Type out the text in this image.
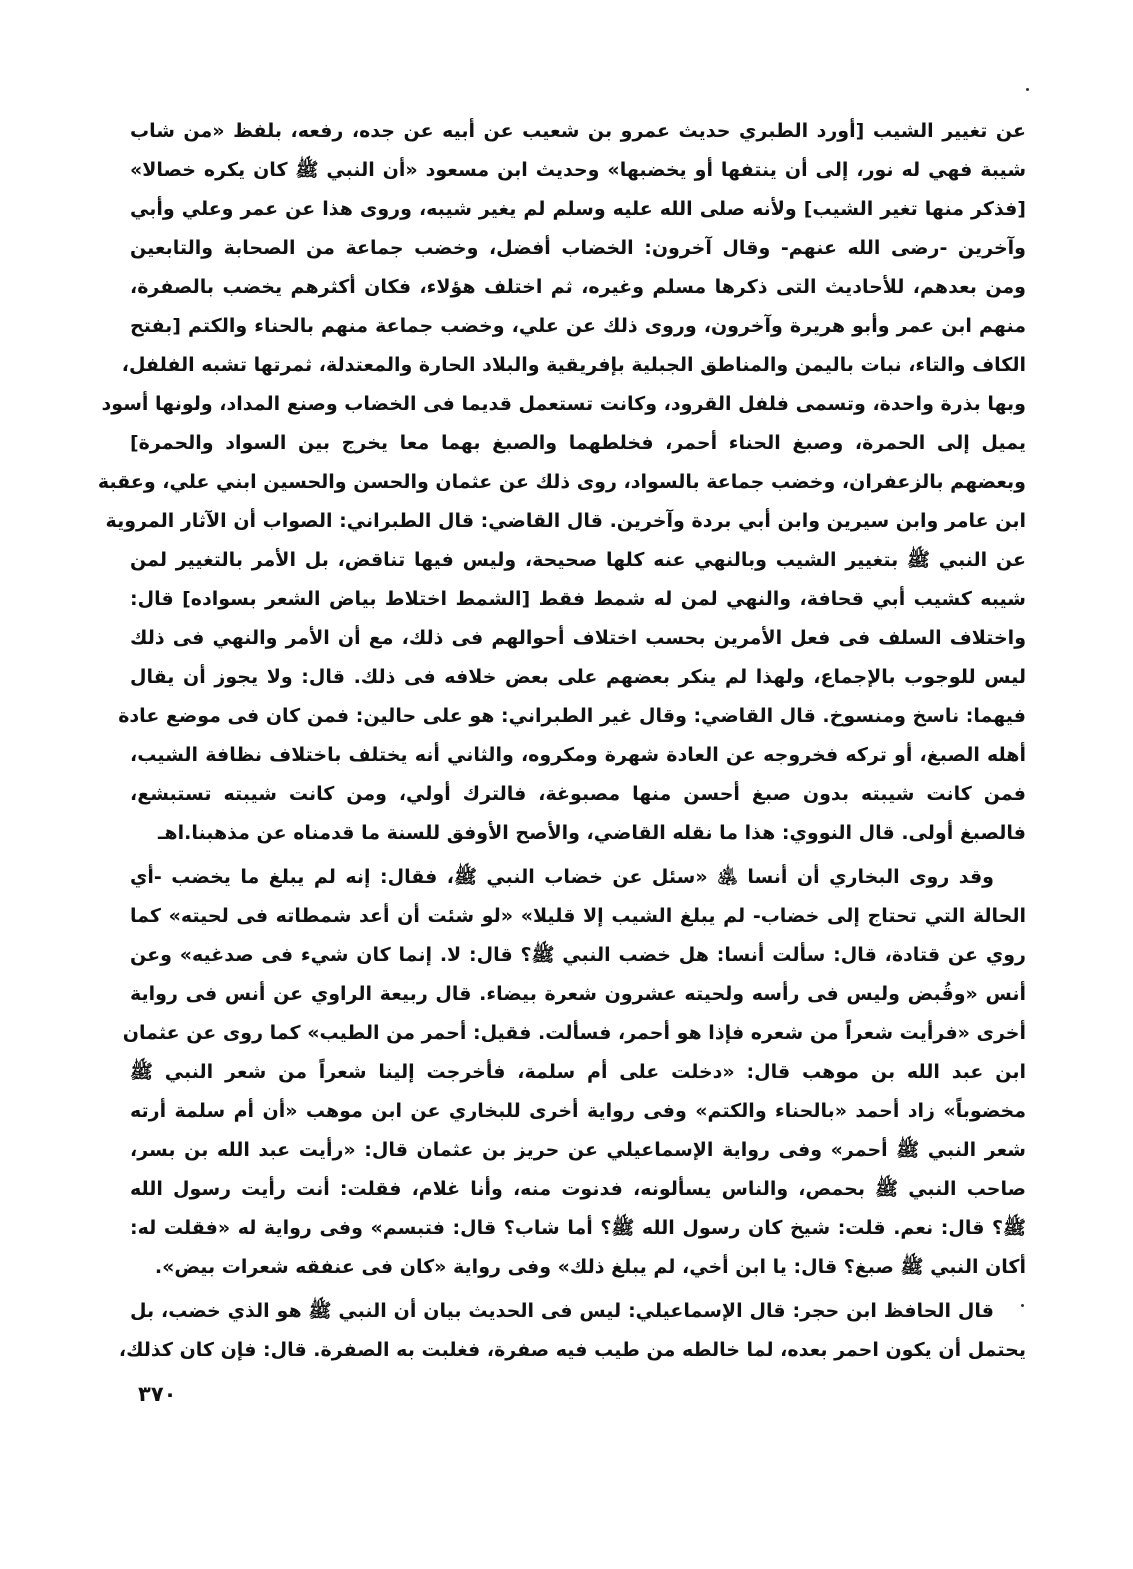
عن تغيير الشيب [أورد الطبري حديث عمرو بن شعيب عن أبيه عن جده، رفعه، بلفظ «من شاب
شيبة فهي له نور، إلى أن ينتفها أو يخضبها» وحديث ابن مسعود «أن النبي ﷺ كان يكره خصالا»
[فذكر منها تغير الشيب] ولأنه صلى الله عليه وسلم لم يغير شيبه، وروى هذا عن عمر وعلي وأبي
وآخرين -رضى الله عنهم- وقال آخرون: الخضاب أفضل، وخضب جماعة من الصحابة والتابعين
ومن بعدهم، للأحاديث التى ذكرها مسلم وغيره، ثم اختلف هؤلاء، فكان أكثرهم يخضب بالصفرة،
منهم ابن عمر وأبو هريرة وآخرون، وروى ذلك عن علي، وخضب جماعة منهم بالحناء والكتم [بفتح
الكاف والتاء، نبات باليمن والمناطق الجبلية بإفريقية والبلاد الحارة والمعتدلة، ثمرتها تشبه الفلفل،
وبها بذرة واحدة، وتسمى فلفل القرود، وكانت تستعمل قديما فى الخضاب وصنع المداد، ولونها أسود
يميل إلى الحمرة، وصبغ الحناء أحمر، فخلطهما والصبغ بهما معا يخرج بين السواد والحمرة]
وبعضهم بالزعفران، وخضب جماعة بالسواد، روى ذلك عن عثمان والحسن والحسين ابني علي، وعقبة
ابن عامر وابن سيرين وابن أبي بردة وآخرين. قال القاضي: قال الطبراني: الصواب أن الآثار المروية
عن النبي ﷺ بتغيير الشيب وبالنهي عنه كلها صحيحة، وليس فيها تناقض، بل الأمر بالتغيير لمن
شيبه كشيب أبي قحافة، والنهي لمن له شمط فقط [الشمط اختلاط بياض الشعر بسواده] قال:
واختلاف السلف فى فعل الأمرين بحسب اختلاف أحوالهم فى ذلك، مع أن الأمر والنهي فى ذلك
ليس للوجوب بالإجماع، ولهذا لم ينكر بعضهم على بعض خلافه فى ذلك. قال: ولا يجوز أن يقال
فيهما: ناسخ ومنسوخ. قال القاضي: وقال غير الطبراني: هو على حالين: فمن كان فى موضع عادة
أهله الصبغ، أو تركه فخروجه عن العادة شهرة ومكروه، والثاني أنه يختلف باختلاف نظافة الشيب،
فمن كانت شيبته بدون صبغ أحسن منها مصبوغة، فالترك أولي، ومن كانت شيبته تستبشع،
فالصبغ أولى. قال النووي: هذا ما نقله القاضي، والأصح الأوفق للسنة ما قدمناه عن مذهبنا.اهـ
وقد روى البخاري أن أنسا ﵁ «سئل عن خضاب النبي ﷺ، فقال: إنه لم يبلغ ما يخضب -أي
الحالة التي تحتاج إلى خضاب- لم يبلغ الشيب إلا قليلا» «لو شئت أن أعد شمطاته فى لحيته» كما
روي عن قتادة، قال: سألت أنسا: هل خضب النبي ﷺ؟ قال: لا. إنما كان شيء فى صدغيه» وعن
أنس «وقُبض وليس فى رأسه ولحيته عشرون شعرة بيضاء. قال ربيعة الراوي عن أنس فى رواية
أخرى «فرأيت شعراً من شعره فإذا هو أحمر، فسألت. فقيل: أحمر من الطيب» كما روى عن عثمان
ابن عبد الله بن موهب قال: «دخلت على أم سلمة، فأخرجت إلينا شعراً من شعر النبي ﷺ
مخضوباً» زاد أحمد «بالحناء والكتم» وفى رواية أخرى للبخاري عن ابن موهب «أن أم سلمة أرته
شعر النبي ﷺ أحمر» وفى رواية الإسماعيلي عن حريز بن عثمان قال: «رأيت عبد الله بن بسر،
صاحب النبي ﷺ بحمص، والناس يسألونه، فدنوت منه، وأنا غلام، فقلت: أنت رأيت رسول الله
ﷺ؟ قال: نعم. قلت: شيخ كان رسول الله ﷺ؟ أما شاب؟ قال: فتبسم» وفى رواية له «فقلت له:
أكان النبي ﷺ صبغ؟ قال: يا ابن أخي، لم يبلغ ذلك» وفى رواية «كان فى عنفقه شعرات بيض».
قال الحافظ ابن حجر: قال الإسماعيلي: ليس فى الحديث بيان أن النبي ﷺ هو الذي خضب، بل
يحتمل أن يكون احمر بعده، لما خالطه من طيب فيه صفرة، فغلبت به الصفرة. قال: فإن كان كذلك،
٣٧٠
